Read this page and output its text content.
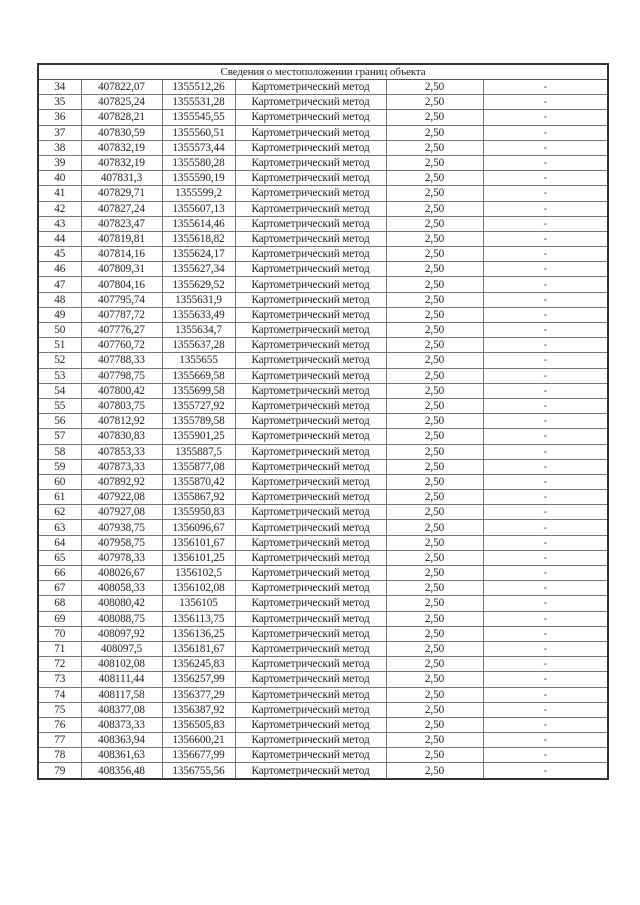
Сведения о местоположении границ объекта					
34	407822,07	1355512,26	Картометрический метод	2,50	-
35	407825,24	1355531,28	Картометрический метод	2,50	-
36	407828,21	1355545,55	Картометрический метод	2,50	-
37	407830,59	1355560,51	Картометрический метод	2,50	-
38	407832,19	1355573,44	Картометрический метод	2,50	-
39	407832,19	1355580,28	Картометрический метод	2,50	-
40	407831,3	1355590,19	Картометрический метод	2,50	-
41	407829,71	1355599,2	Картометрический метод	2,50	-
42	407827,24	1355607,13	Картометрический метод	2,50	-
43	407823,47	1355614,46	Картометрический метод	2,50	-
44	407819,81	1355618,82	Картометрический метод	2,50	-
45	407814,16	1355624,17	Картометрический метод	2,50	-
46	407809,31	1355627,34	Картометрический метод	2,50	-
47	407804,16	1355629,52	Картометрический метод	2,50	-
48	407795,74	1355631,9	Картометрический метод	2,50	-
49	407787,72	1355633,49	Картометрический метод	2,50	-
50	407776,27	1355634,7	Картометрический метод	2,50	-
51	407760,72	1355637,28	Картометрический метод	2,50	-
52	407788,33	1355655	Картометрический метод	2,50	-
53	407798,75	1355669,58	Картометрический метод	2,50	-
54	407800,42	1355699,58	Картометрический метод	2,50	-
55	407803,75	1355727,92	Картометрический метод	2,50	-
56	407812,92	1355789,58	Картометрический метод	2,50	-
57	407830,83	1355901,25	Картометрический метод	2,50	-
58	407853,33	1355887,5	Картометрический метод	2,50	-
59	407873,33	1355877,08	Картометрический метод	2,50	-
60	407892,92	1355870,42	Картометрический метод	2,50	-
61	407922,08	1355867,92	Картометрический метод	2,50	-
62	407927,08	1355950,83	Картометрический метод	2,50	-
63	407938,75	1356096,67	Картометрический метод	2,50	-
64	407958,75	1356101,67	Картометрический метод	2,50	-
65	407978,33	1356101,25	Картометрический метод	2,50	-
66	408026,67	1356102,5	Картометрический метод	2,50	-
67	408058,33	1356102,08	Картометрический метод	2,50	-
68	408080,42	1356105	Картометрический метод	2,50	-
69	408088,75	1356113,75	Картометрический метод	2,50	-
70	408097,92	1356136,25	Картометрический метод	2,50	-
71	408097,5	1356181,67	Картометрический метод	2,50	-
72	408102,08	1356245,83	Картометрический метод	2,50	-
73	408111,44	1356257,99	Картометрический метод	2,50	-
74	408117,58	1356377,29	Картометрический метод	2,50	-
75	408377,08	1356387,92	Картометрический метод	2,50	-
76	408373,33	1356505,83	Картометрический метод	2,50	-
77	408363,94	1356600,21	Картометрический метод	2,50	-
78	408361,63	1356677,99	Картометрический метод	2,50	-
79	408356,48	1356755,56	Картометрический метод	2,50	-
